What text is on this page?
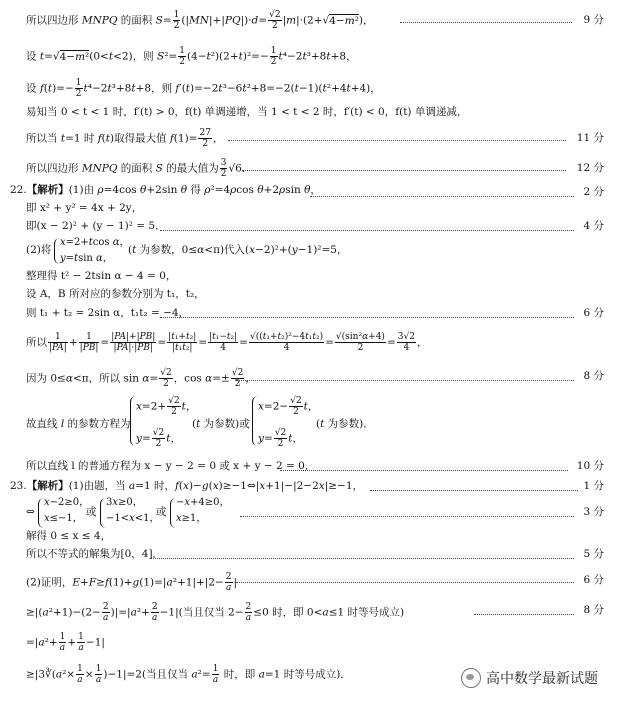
所以四边形 MNPQ 的面积 $S= \frac{1}{2} (|MN|+|PQ|)\cdot d= \frac{√2}{2} |m|\cdot(2+√4-m^2)$，	9 分
设 t=√4−m²(0<t<2)，则 $S^2= \frac{1}{2} (4-t^2)(2+t)^2=- \frac{1}{2} t^4-2t^3+8t+8$，
设 $f(t)=- \frac{1}{2} t^4-2t^3+8t+8$，则 f′(t)=−2t³−6t²+8=−2(t−1)(t²+4t+4)，
易知当 0 < t < 1 时，f′(t) > 0，f(t) 单调递增，当 1 < t < 2 时，f′(t) < 0，f(t) 单调递减，
所以当 t=1 时 f(t)取得最大值 $f(1)= \frac{27}{2}$ ，	11 分
所以四边形 MNPQ 的面积 S 的最大值为 $\frac{3}{2} √6$．	12 分
22.【解析】(1)由 ρ=4cos θ+2sin θ 得 ρ²=4ρcos θ+2ρsin θ，	2 分
即 x² + y² = 4x + 2y，
即(x − 2)² + (y − 1)² = 5．	4 分
(2)将
x=2+tcos α，
y=tsin α，
(t 为参数，0≤α<π)代入(x−2)²+(y−1)²=5，
整理得 t² − 2tsin α − 4 = 0，
设 A，B 所对应的参数分别为 t₁，t₂，
则 t₁ + t₂ = 2sin α，t₁t₂ = −4，	6 分
所以 $\frac{1}{|PA|} + \frac{1}{|PB|} = \frac{|PA|+|PB|}{|PA|\cdot|PB|} = \frac{\text{|t₁+t₂|}}{\text{|t₁t₂|}} = \frac{\text{|t₁−t₂|}}{4} = \frac{\text{√((t₁+t₂)²−4t₁t₂)}}{4} = \frac{\text{√(sin²α+4)}}{2} = \frac{3√2}{4}$ ，
因为 0≤α<π，所以 $\sin \alpha= \frac{√2}{2}$ ，$\cos \alpha=\pm \frac{√2}{2}$ ，	8 分
故直线 l 的参数方程为
$x=2+ \frac{√2}{2}$ t，
$y= \frac{√2}{2}$ t，
(t 为参数)或
$x=2- \frac{√2}{2}$ t，
$y= \frac{√2}{2}$ t，
(t 为参数)．
所以直线 l 的普通方程为 x − y − 2 = 0 或 x + y − 2 = 0．	10 分
23.【解析】(1)由题，当 a=1 时，f(x)−g(x)≥−1⇔|x+1|−|2−2x|≥−1，	1 分
⇔
x−2≥0，
x≤−1，
或
3x≥0，
−1<x<1，
或
−x+4≥0，
x≥1，
3 分
解得 0 ≤ x ≤ 4，
所以不等式的解集为[0，4]．	5 分
(2)证明，$E+F\ge f(1)+g(1)=|a^2+1|+|2- \frac{2}{a}$ |	6 分
$\ge|(a^2+1)-(2- \frac{2}{a} )|=|a^2+ \frac{2}{a} -1|$(当且仅当 $2- \frac{2}{a} \le 0$ 时，即 0<a≤1 时等号成立)	8 分
$=|a^2+ \frac{1}{a} + \frac{1}{a} -1|$
≥|3∛(a²× $\frac{1}{a} \times \frac{1}{a} )-1|=2$(当且仅当 $a^2= \frac{1}{a}$ 时，即 a=1 时等号成立)．	高中数学最新试题
